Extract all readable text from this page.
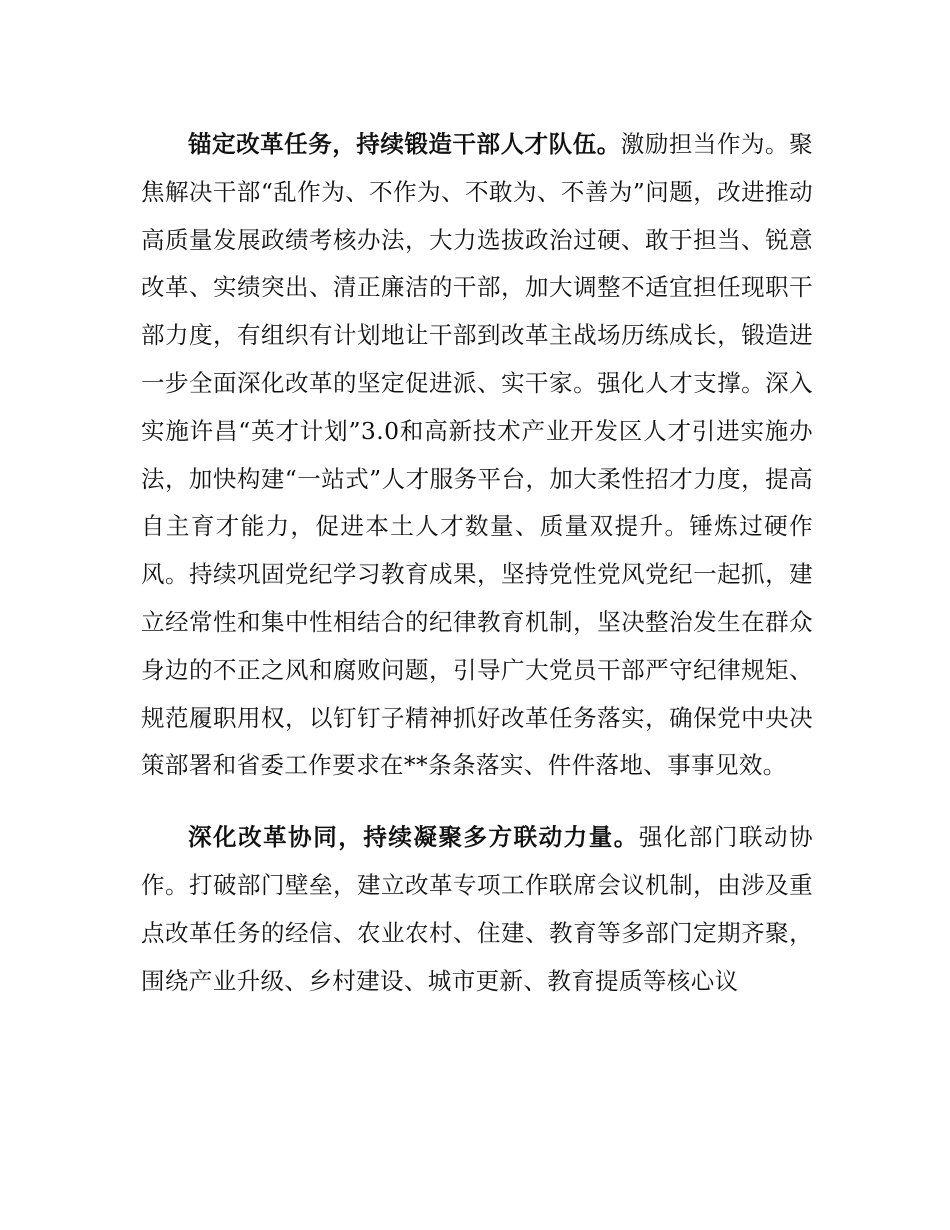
锚定改革任务，持续锻造干部人才队伍。激励担当作为。聚焦解决干部“乱作为、不作为、不敢为、不善为”问题，改进推动高质量发展政绩考核办法，大力选拔政治过硬、敢于担当、锐意改革、实绩突出、清正廉洁的干部，加大调整不适宜担任现职干部力度，有组织有计划地让干部到改革主战场历练成长，锻造进一步全面深化改革的坚定促进派、实干家。强化人才支撑。深入实施许昌“英才计划”3.0和高新技术产业开发区人才引进实施办法，加快构建“一站式”人才服务平台，加大柔性招才力度，提高自主育才能力，促进本土人才数量、质量双提升。锤炼过硬作风。持续巩固党纪学习教育成果，坚持党性党风党纪一起抓，建立经常性和集中性相结合的纪律教育机制，坚决整治发生在群众身边的不正之风和腐败问题，引导广大党员干部严守纪律规矩、规范履职用权，以钉钉子精神抓好改革任务落实，确保党中央决策部署和省委工作要求在**条条落实、件件落地、事事见效。

深化改革协同，持续凝聚多方联动力量。强化部门联动协作。打破部门壁垒，建立改革专项工作联席会议机制，由涉及重点改革任务的经信、农业农村、住建、教育等多部门定期齐聚，围绕产业升级、乡村建设、城市更新、教育提质等核心议
